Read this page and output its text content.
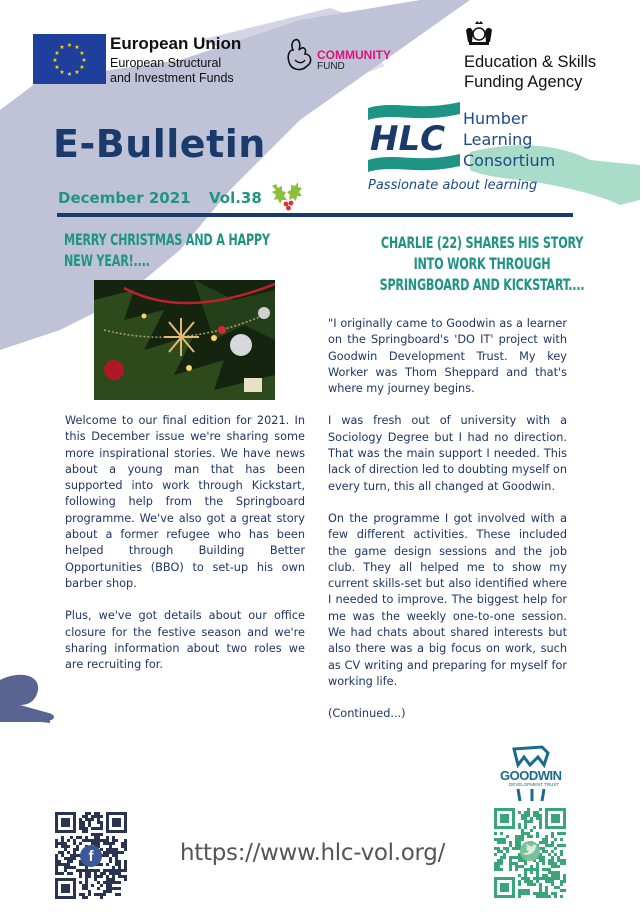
★ ★
★
★
★
★
★
★
★
★
★
★	European Union
European Structural
and Investment Funds
COMMUNITY
FUND	Education & Skills
Funding Agency
HLC
Humber
Learning
Consortium
Passionate about learning
E-Bulletin
December 2021 Vol.38
MERRY CHRISTMAS AND A HAPPY
NEW YEAR!....

Welcome to our final edition for 2021. In this December issue we're sharing some more inspirational stories. We have news about a young man that has been supported into work through Kickstart, following help from the Springboard programme. We've also got a great story about a former refugee who has been helped through Building Better Opportunities (BBO) to set-up his own barber shop.

Plus, we've got details about our office closure for the festive season and we're sharing information about two roles we are recruiting for.

CHARLIE (22) SHARES HIS STORY
INTO WORK THROUGH
SPRINGBOARD AND KICKSTART....

"I originally came to Goodwin as a learner on the Springboard's 'DO IT' project with Goodwin Development Trust. My key Worker was Thom Sheppard and that's where my journey begins.

I was fresh out of university with a Sociology Degree but I had no direction. That was the main support I needed. This lack of direction led to doubting myself on every turn, this all changed at Goodwin.

On the programme I got involved with a few different activities. These included the game design sessions and the job club. They all helped me to show my current skills-set but also identified where I needed to improve. The biggest help for me was the weekly one-to-one session. We had chats about shared interests but also there was a big focus on work, such as CV writing and preparing for myself for working life.

(Continued...)

GOODWIN
DEVELOPMENT TRUST
f	https://www.hlc-vol.org/
